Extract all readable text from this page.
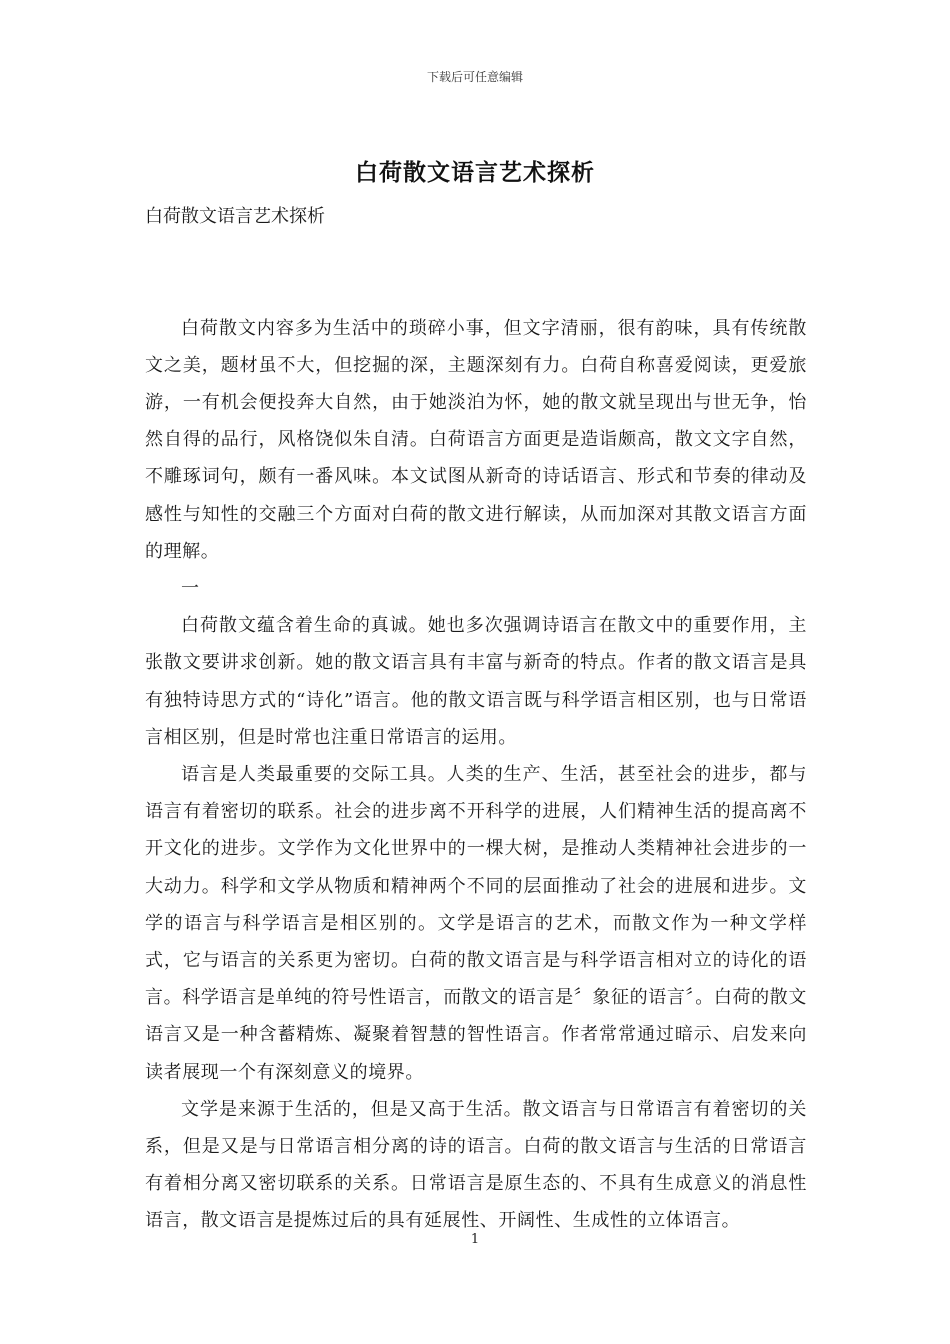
下载后可任意编辑
白荷散文语言艺术探析

白荷散文语言艺术探析

白荷散文内容多为生活中的琐碎小事，但文字清丽，很有韵味，具有传统散文之美，题材虽不大，但挖掘的深，主题深刻有力。白荷自称喜爱阅读，更爱旅游，一有机会便投奔大自然，由于她淡泊为怀，她的散文就呈现出与世无争，怡然自得的品行，风格饶似朱自清。白荷语言方面更是造诣颇高，散文文字自然，不雕琢词句，颇有一番风味。本文试图从新奇的诗话语言、形式和节奏的律动及感性与知性的交融三个方面对白荷的散文进行解读，从而加深对其散文语言方面的理解。

一

白荷散文蕴含着生命的真诚。她也多次强调诗语言在散文中的重要作用，主张散文要讲求创新。她的散文语言具有丰富与新奇的特点。作者的散文语言是具有独特诗思方式的“诗化”语言。他的散文语言既与科学语言相区别，也与日常语言相区别，但是时常也注重日常语言的运用。

语言是人类最重要的交际工具。人类的生产、生活，甚至社会的进步，都与语言有着密切的联系。社会的进步离不开科学的进展，人们精神生活的提高离不开文化的进步。文学作为文化世界中的一棵大树，是推动人类精神社会进步的一大动力。科学和文学从物质和精神两个不同的层面推动了社会的进展和进步。文学的语言与科学语言是相区别的。文学是语言的艺术，而散文作为一种文学样式，它与语言的关系更为密切。白荷的散文语言是与科学语言相对立的诗化的语言。科学语言是单纯的符号性语言，而散文的语言是〞象征的语言〞。白荷的散文语言又是一种含蓄精炼、凝聚着智慧的智性语言。作者常常通过暗示、启发来向读者展现一个有深刻意义的境界。

文学是来源于生活的，但是又高于生活。散文语言与日常语言有着密切的关系，但是又是与日常语言相分离的诗的语言。白荷的散文语言与生活的日常语言有着相分离又密切联系的关系。日常语言是原生态的、不具有生成意义的消息性语言，散文语言是提炼过后的具有延展性、开阔性、生成性的立体语言。

1
